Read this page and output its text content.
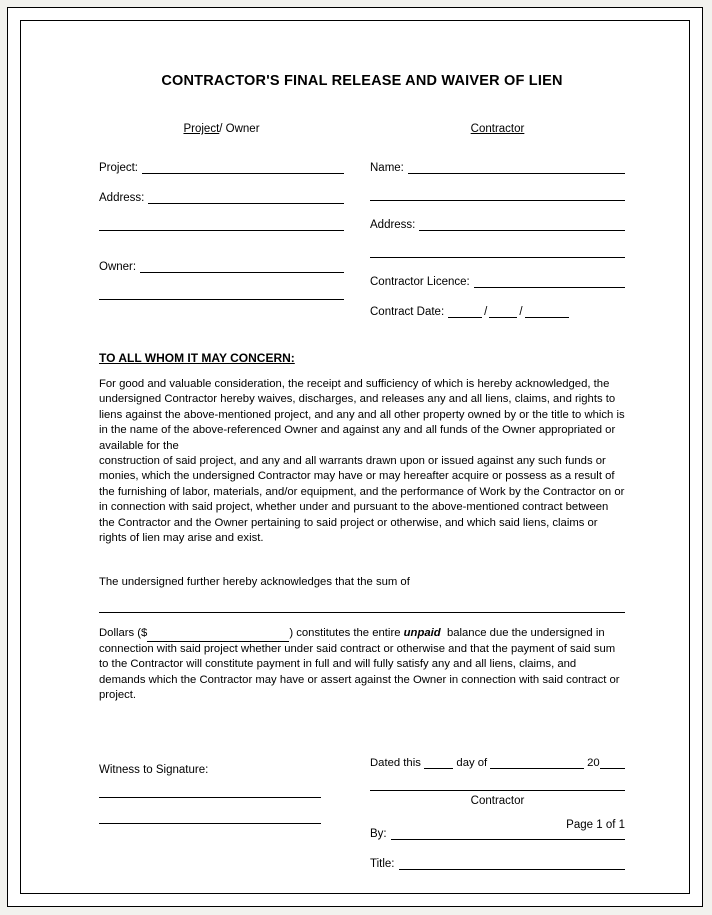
CONTRACTOR'S FINAL RELEASE AND WAIVER OF LIEN
Project/ Owner
Project:
Address:
Owner:
Contractor
Name:
Address:
Contractor Licence:
Contract Date:	/	/
TO ALL WHOM IT MAY CONCERN:

For good and valuable consideration, the receipt and sufficiency of which is hereby acknowledged, the undersigned Contractor hereby waives, discharges, and releases any and all liens, claims, and rights to liens against the above-mentioned project, and any and all other property owned by or the title to which is in the name of the above-referenced Owner and against any and all funds of the Owner appropriated or available for the

construction of said project, and any and all warrants drawn upon or issued against any such funds or monies, which the undersigned Contractor may have or may hereafter acquire or possess as a result of the furnishing of labor, materials, and/or equipment, and the performance of Work by the Contractor on or in connection with said project, whether under and pursuant to the above-mentioned contract between the Contractor and the Owner pertaining to said project or otherwise, and which said liens, claims or rights of lien may arise and exist.

The undersigned further hereby acknowledges that the sum of
Dollars ($	) constitutes the entire
unpaid
balance due the undersigned in

connection with said project whether under said contract or otherwise and that the payment of said sum to the Contractor will constitute payment in full and will fully satisfy any and all liens, claims, and demands which the Contractor may have or assert against the Owner in connection with said contract or project.

Witness to Signature:
Dated this

	day of

	20
Contractor
By:
Title:
Page 1 of 1
